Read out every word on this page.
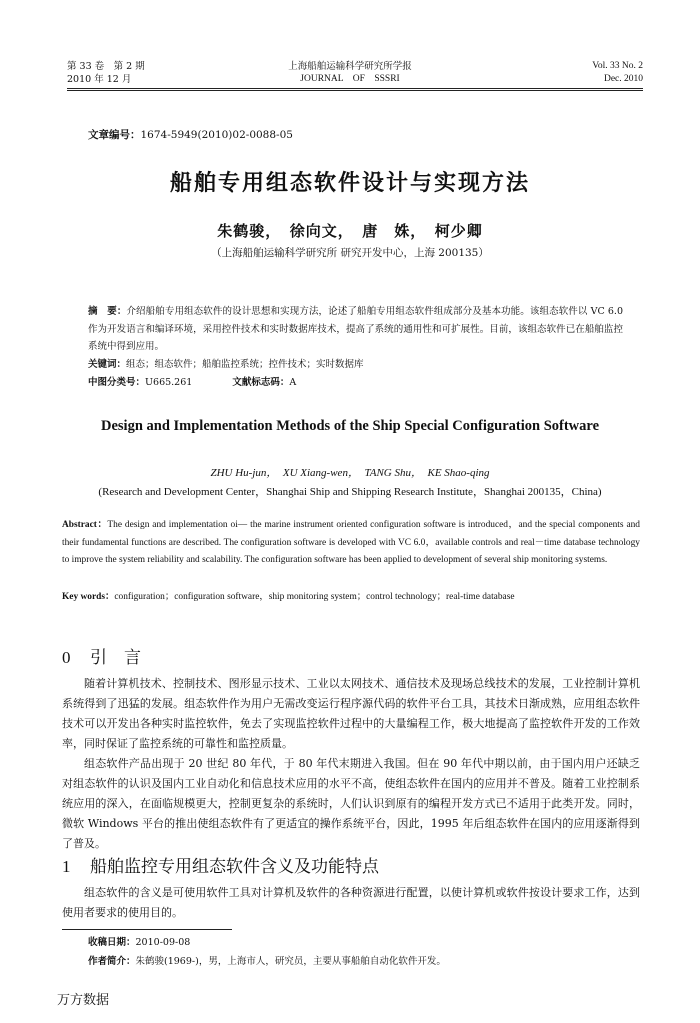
第 33 卷　第 2 期
2010 年 12 月
上海船舶运输科学研究所学报
JOURNAL　OF　SSSRI
Vol. 33 No. 2
Dec. 2010
文章编号：1674-5949(2010)02-0088-05
船舶专用组态软件设计与实现方法
朱鹤骏，　徐向文，　唐　姝，　柯少卿
（上海船舶运输科学研究所 研究开发中心，上海 200135）
摘　要：介绍船舶专用组态软件的设计思想和实现方法，论述了船舶专用组态软件组成部分及基本功能。该组态软件以 VC 6.0 作为开发语言和编译环境，采用控件技术和实时数据库技术，提高了系统的通用性和可扩展性。目前，该组态软件已在船舶监控系统中得到应用。
关键词：组态；组态软件；船舶监控系统；控件技术；实时数据库
中图分类号：U665.261	文献标志码：A
Design and Implementation Methods of the Ship Special Configuration Software
ZHU Hu-jun，　XU Xiang-wen，　TANG Shu，　KE Shao-qing
(Research and Development Center，Shanghai Ship and Shipping Research Institute，Shanghai 200135，China)
Abstract：The design and implementation oi— the marine instrument oriented configuration software is introduced，and the special components and their fundamental functions are described. The configuration software is developed with VC 6.0，available controls and real－time database technology to improve the system reliability and scalability. The configuration software has been applied to development of several ship monitoring systems.
Key words：configuration；configuration software，ship monitoring system；control technology；real-time database
0 引　言

随着计算机技术、控制技术、图形显示技术、工业以太网技术、通信技术及现场总线技术的发展，工业控制计算机系统得到了迅猛的发展。组态软件作为用户无需改变运行程序源代码的软件平台工具，其技术日渐成熟，应用组态软件技术可以开发出各种实时监控软件，免去了实现监控软件过程中的大量编程工作，极大地提高了监控软件开发的工作效率，同时保证了监控系统的可靠性和监控质量。

组态软件产品出现于 20 世纪 80 年代，于 80 年代末期进入我国。但在 90 年代中期以前，由于国内用户还缺乏对组态软件的认识及国内工业自动化和信息技术应用的水平不高，使组态软件在国内的应用并不普及。随着工业控制系统应用的深入，在面临规模更大，控制更复杂的系统时，人们认识到原有的编程开发方式已不适用于此类开发。同时，微软 Windows 平台的推出使组态软件有了更适宜的操作系统平台，因此，1995 年后组态软件在国内的应用逐渐得到了普及。

1 船舶监控专用组态软件含义及功能特点

组态软件的含义是可使用软件工具对计算机及软件的各种资源进行配置，以使计算机或软件按设计要求工作，达到使用者要求的使用目的。

收稿日期：2010-09-08
作者简介：朱鹤骏(1969-)，男，上海市人，研究员，主要从事船舶自动化软件开发。
万方数据
